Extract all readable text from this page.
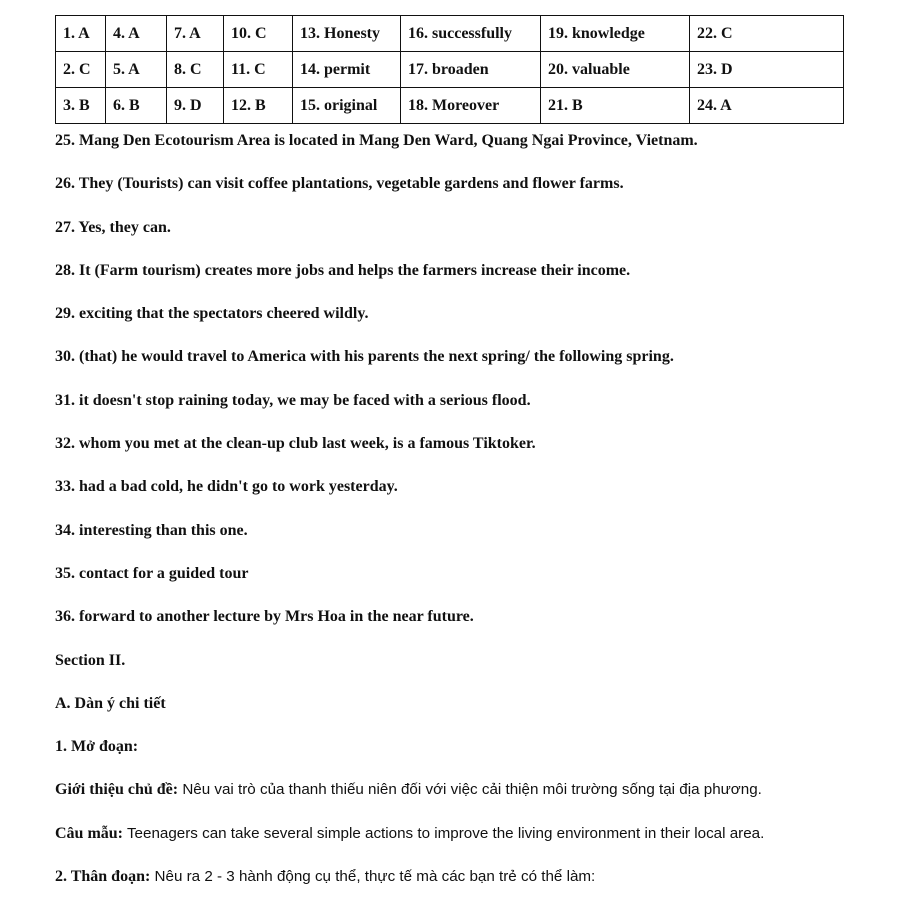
1. A	4. A	7. A	10. C	13. Honesty	16. successfully	19. knowledge	22. C
2. C	5. A	8. C	11. C	14. permit	17. broaden	20. valuable	23. D
3. B	6. B	9. D	12. B	15. original	18. Moreover	21. B	24. A
25. Mang Den Ecotourism Area is located in Mang Den Ward, Quang Ngai Province, Vietnam.
26. They (Tourists) can visit coffee plantations, vegetable gardens and flower farms.
27. Yes, they can.
28. It (Farm tourism) creates more jobs and helps the farmers increase their income.
29. exciting that the spectators cheered wildly.
30. (that) he would travel to America with his parents the next spring/ the following spring.
31. it doesn't stop raining today, we may be faced with a serious flood.
32. whom you met at the clean-up club last week, is a famous Tiktoker.
33. had a bad cold, he didn't go to work yesterday.
34. interesting than this one.
35. contact for a guided tour
36. forward to another lecture by Mrs Hoa in the near future.
Section II.
A. Dàn ý chi tiết
1. Mở đoạn:
Giới thiệu chủ đề: Nêu vai trò của thanh thiếu niên đối với việc cải thiện môi trường sống tại địa phương.
Câu mẫu: Teenagers can take several simple actions to improve the living environment in their local area.
2. Thân đoạn: Nêu ra 2 - 3 hành động cụ thể, thực tế mà các bạn trẻ có thể làm:
